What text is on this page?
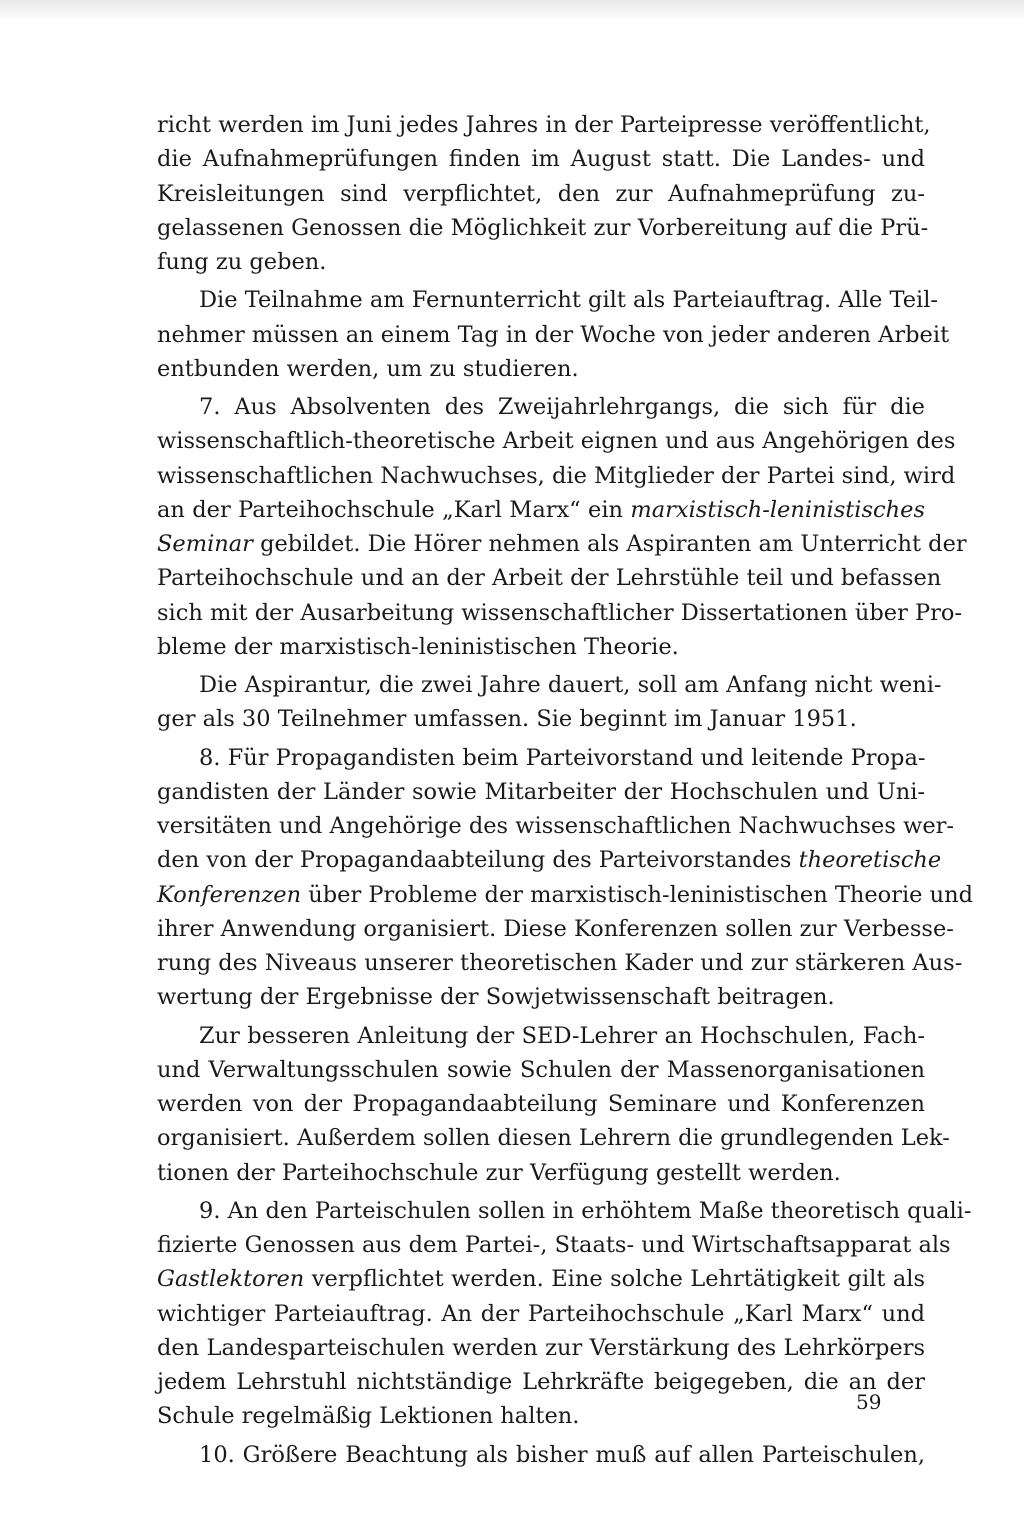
richt werden im Juni jedes Jahres in der Parteipresse veröffentlicht,
die Aufnahmeprüfungen finden im August statt. Die Landes- und
Kreisleitungen sind verpflichtet, den zur Aufnahmeprüfung zu-
gelassenen Genossen die Möglichkeit zur Vorbereitung auf die Prü-
fung zu geben.
Die Teilnahme am Fernunterricht gilt als Parteiauftrag. Alle Teil-
nehmer müssen an einem Tag in der Woche von jeder anderen Arbeit
entbunden werden, um zu studieren.
7. Aus Absolventen des Zweijahrlehrgangs, die sich für die
wissenschaftlich-theoretische Arbeit eignen und aus Angehörigen des
wissenschaftlichen Nachwuchses, die Mitglieder der Partei sind, wird
an der Parteihochschule „Karl Marx“ ein marxistisch-leninistisches
Seminar gebildet. Die Hörer nehmen als Aspiranten am Unterricht der
Parteihochschule und an der Arbeit der Lehrstühle teil und befassen
sich mit der Ausarbeitung wissenschaftlicher Dissertationen über Pro-
bleme der marxistisch-leninistischen Theorie.
Die Aspirantur, die zwei Jahre dauert, soll am Anfang nicht weni-
ger als 30 Teilnehmer umfassen. Sie beginnt im Januar 1951.
8. Für Propagandisten beim Parteivorstand und leitende Propa-
gandisten der Länder sowie Mitarbeiter der Hochschulen und Uni-
versitäten und Angehörige des wissenschaftlichen Nachwuchses wer-
den von der Propagandaabteilung des Parteivorstandes theoretische
Konferenzen über Probleme der marxistisch-leninistischen Theorie und
ihrer Anwendung organisiert. Diese Konferenzen sollen zur Verbesse-
rung des Niveaus unserer theoretischen Kader und zur stärkeren Aus-
wertung der Ergebnisse der Sowjetwissenschaft beitragen.
Zur besseren Anleitung der SED-Lehrer an Hochschulen, Fach-
und Verwaltungsschulen sowie Schulen der Massenorganisationen
werden von der Propagandaabteilung Seminare und Konferenzen
organisiert. Außerdem sollen diesen Lehrern die grundlegenden Lek-
tionen der Parteihochschule zur Verfügung gestellt werden.
9. An den Parteischulen sollen in erhöhtem Maße theoretisch quali-
fizierte Genossen aus dem Partei-, Staats- und Wirtschaftsapparat als
Gastlektoren verpflichtet werden. Eine solche Lehrtätigkeit gilt als
wichtiger Parteiauftrag. An der Parteihochschule „Karl Marx“ und
den Landesparteischulen werden zur Verstärkung des Lehrkörpers
jedem Lehrstuhl nichtständige Lehrkräfte beigegeben, die an der
Schule regelmäßig Lektionen halten.
10. Größere Beachtung als bisher muß auf allen Parteischulen,
59
